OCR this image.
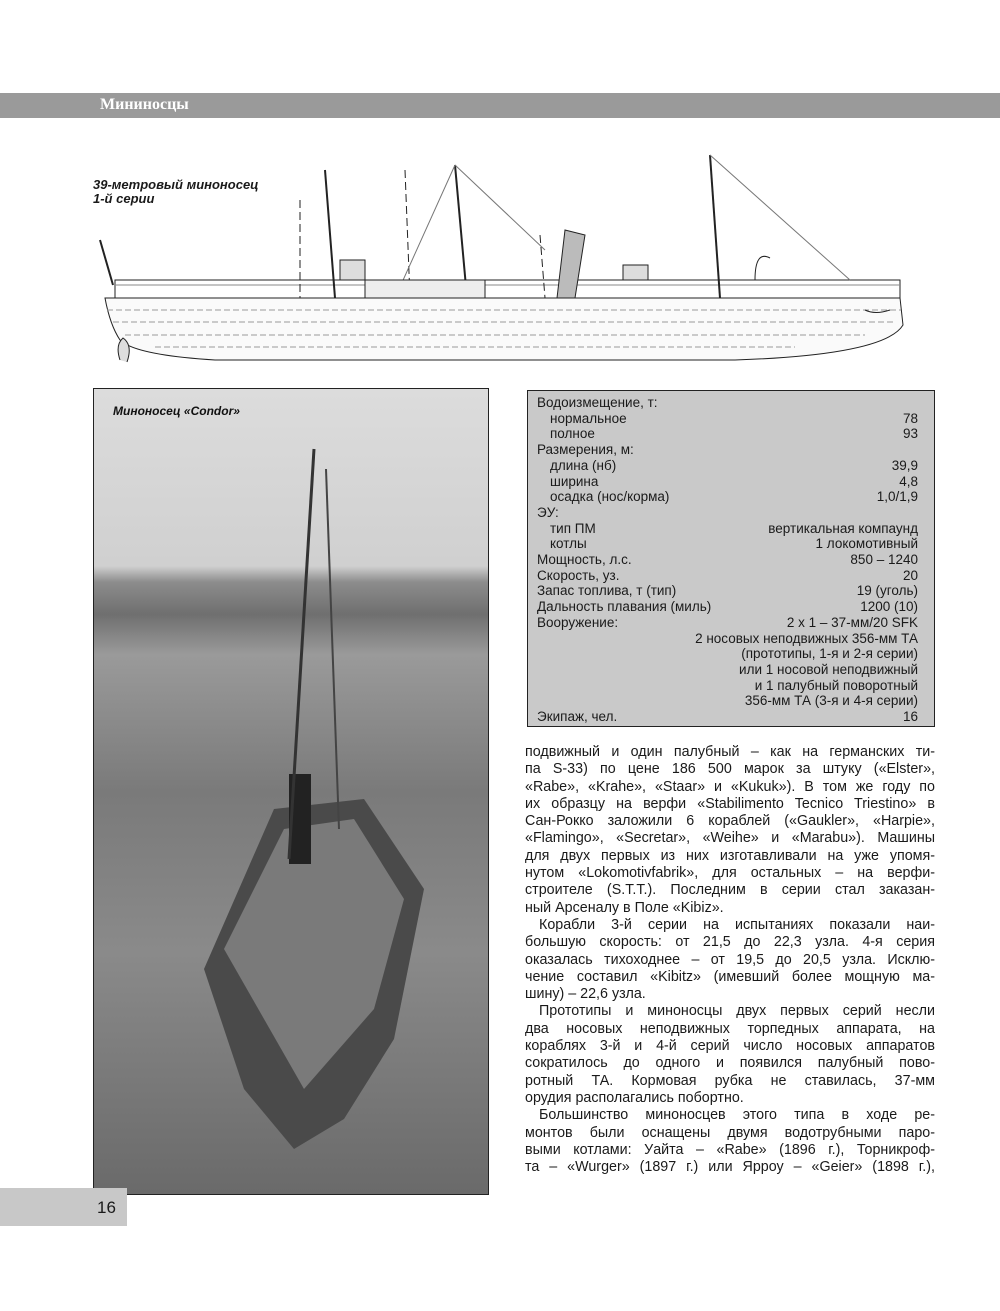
Мининосцы
39-метровый миноносец
1-й серии
Миноносец «Condor»
Водоизмещение, т:
нормальное	78
полное	93
Размерения, м:
длина (нб)	39,9
ширина	4,8
осадка (нос/корма)	1,0/1,9
ЭУ:
тип ПМ	вертикальная компаунд
котлы	1 локомотивный
Мощность, л.с.	850 – 1240
Скорость, уз.	20
Запас топлива, т (тип)	19 (уголь)
Дальность плавания (миль)	1200 (10)
Вооружение:	2 x 1 – 37-мм/20 SFK
2 носовых неподвижных 356-мм ТА
(прототипы, 1-я и 2-я серии)
или 1 носовой неподвижный
и 1 палубный поворотный
356-мм ТА (3-я и 4-я серии)
Экипаж, чел.	16
подвижный и один палубный – как на германских ти-
па S-33) по цене 186 500 марок за штуку («Elster»,
«Rabe», «Krahe», «Staar» и «Kukuk»). В том же году по
их образцу на верфи «Stabilimento Tecnico Triestino» в
Сан-Рокко заложили 6 кораблей («Gaukler», «Harpie»,
«Flamingo», «Secretar», «Weihe» и «Marabu»). Машины
для двух первых из них изготавливали на уже упомя-
нутом «Lokomotivfabrik», для остальных – на верфи-
строителе (S.T.T.). Последним в серии стал заказан-
ный Арсеналу в Поле «Kibiz».
Корабли 3-й серии на испытаниях показали наи-
большую скорость: от 21,5 до 22,3 узла. 4-я серия
оказалась тихоходнее – от 19,5 до 20,5 узла. Исклю-
чение составил «Kibitz» (имевший более мощную ма-
шину) – 22,6 узла.
Прототипы и миноносцы двух первых серий несли
два носовых неподвижных торпедных аппарата, на
кораблях 3-й и 4-й серий число носовых аппаратов
сократилось до одного и появился палубный пово-
ротный ТА. Кормовая рубка не ставилась, 37-мм
орудия располагались побортно.
Большинство миноносцев этого типа в ходе ре-
монтов были оснащены двумя водотрубными паро-
выми котлами: Уайта – «Rabe» (1896 г.), Торникроф-
та – «Wurger» (1897 г.) или Ярроу – «Geier» (1898 г.),
16
